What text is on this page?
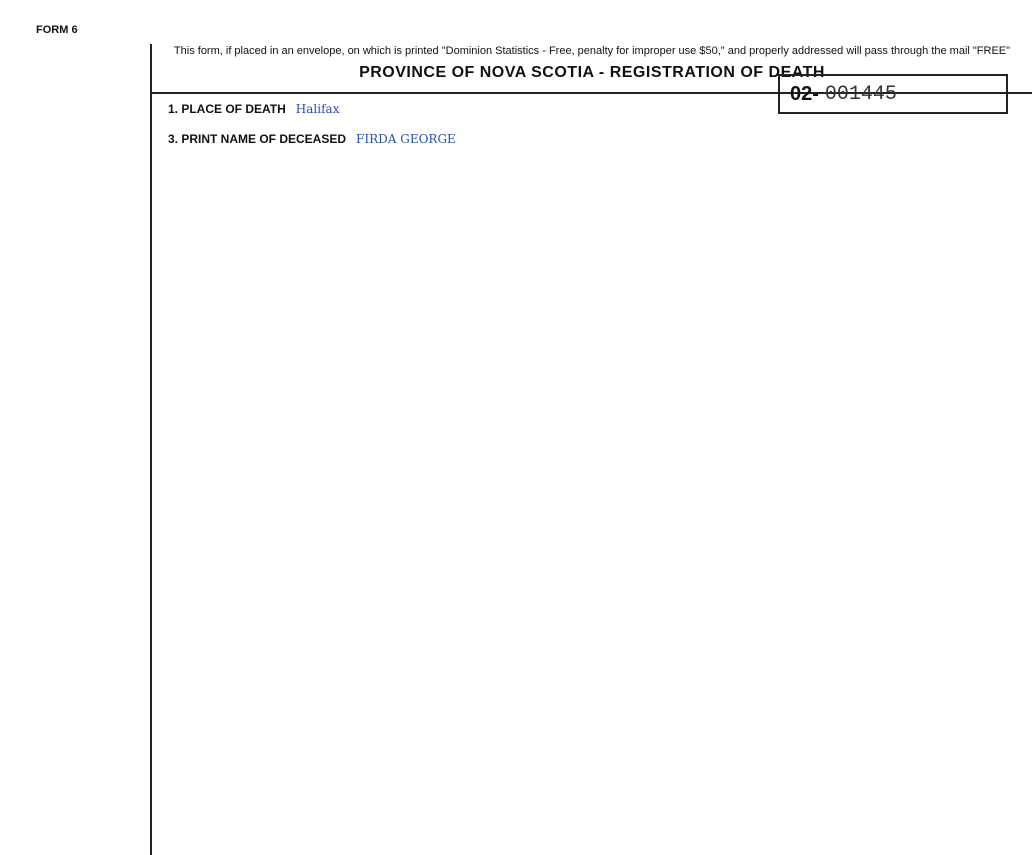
FORM 6
02- 001445
This form, if placed in an envelope, on which is printed "Dominion Statistics - Free, penalty for improper use $50," and properly addressed will pass through the mail "FREE"
PROVINCE OF NOVA SCOTIA - REGISTRATION OF DEATH
1. PLACE OF DEATH Halifax
3. PRINT NAME OF DECEASED FIRDA GEORGE
